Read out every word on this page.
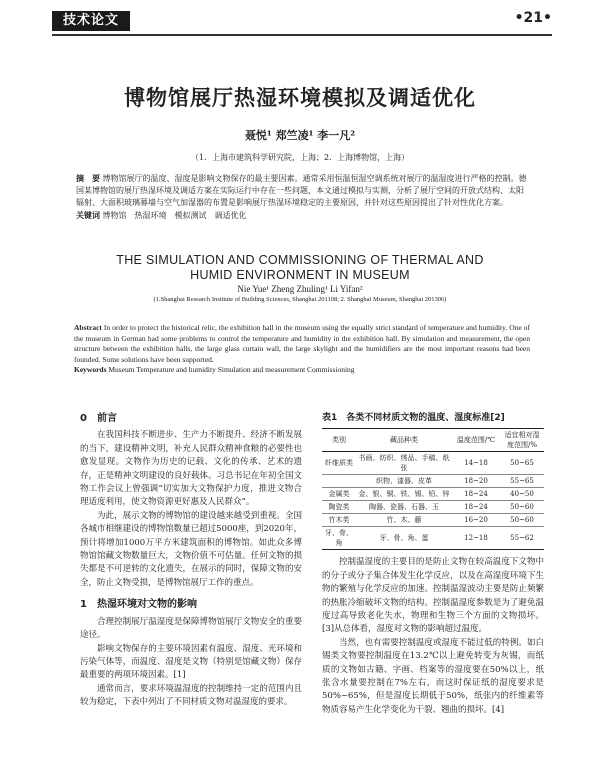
技术论文	•21•
博物馆展厅热湿环境模拟及调适优化
聂悦¹ 郑竺凌¹ 李一凡²
（1．上海市建筑科学研究院，上海；2．上海博物馆，上海）
摘　要 博物馆展厅的温度、湿度是影响文物保存的最主要因素。通常采用恒温恒湿空调系统对展厅的温湿度进行严格的控制。德国某博物馆的展厅热湿环境及调适方案在实际运行中存在一些问题，本文通过模拟与实测，分析了展厅空间的开放式结构、太阳辐射、大面积玻璃幕墙与空气加湿器的布置是影响展厅热湿环境稳定的主要原因，并针对这些原因提出了针对性优化方案。
关键词 博物馆　热湿环境　模拟测试　调适优化
THE SIMULATION AND COMMISSIONING OF THERMAL AND
HUMID ENVIRONMENT IN MUSEUM
Nie Yue¹ Zheng Zhuling¹ Li Yifan²
(1.Shanghai Research Institute of Building Sciences, Shanghai 201108; 2. Shanghai Museum, Shanghai 201306)
Abstract In order to protect the historical relic, the exhibition hall in the museum using the equally strict standard of temperature and humidity. One of the museum in German had some problems to control the temperature and humidity in the exhibition hall. By simulation and measurement, the open structure between the exhibition halls, the large glass curtain wall, the large skylight and the humidifiers are the most important reasons had been founded. Some solutions have been supported.
Keywords Museum Temperature and humidity Simulation and measurement Commissioning
0　前言

在我国科技不断进步、生产力不断提升、经济不断发展的当下，建设精神文明，补充人民群众精神食粮的必要性也愈发显现。文物作为历史的记载、文化的传承、艺术的遗存，正是精神文明建设的良好载体。习总书记在年初全国文物工作会议上曾强调“切实加大文物保护力度，推进文物合理适度利用，使文物资源更好惠及人民群众”。

为此，展示文物的博物馆的建设越来越受到重视。全国各城市相继建设的博物馆数量已超过5000座，到2020年，预计将增加1000万平方米建筑面积的博物馆。如此众多博物馆馆藏文物数量巨大，文物价值不可估量。任何文物的损失都是不可逆转的文化遗失，在展示的同时，保障文物的安全，防止文物受损，是博物馆展厅工作的重点。

1　热湿环境对文物的影响

合理控制展厅温湿度是保障博物馆展厅文物安全的重要途径。

影响文物保存的主要环境因素有温度、湿度、光环境和污染气体等，而温度、湿度是文物（特别是馆藏文物）保存最重要的两项环境因素。[1]

通常而言，要求环境温湿度的控制维持一定的范围内且较为稳定，下表中列出了不同材质文物对温湿度的要求。

表1　各类不同材质文物的温度、湿度标准[2]
类别	藏品种类	温度范围/℃	适宜相对湿度范围/%
纤维质类	书画、纺织、绣品、手稿、纸张	14~18	50~65
	织物、漆器、皮革	18~20	55~65
金属类	金、银、铜、铁、锡、铅、锌	18~24	40~50
陶瓷类	陶器、瓷器、石器、玉	18~24	50~60
竹木类	竹、木、藤	16~20	50~60
牙、骨、角	牙、骨、角、蛋	12~18	55~62

控制温湿度的主要目的是防止文物在较高温度下文物中的分子或分子集合体发生化学反应，以及在高湿度环境下生物的繁殖与化学反应的加速。控制温湿波动主要是防止频繁的热胀冷缩破坏文物的结构。控制温湿度参数是为了避免温度过高导致老化失水，物理和生物三个方面的文物损坏。[3]从总体看，湿度对文物的影响超过温度。

当然，也有需要控制温度或湿度不能过低的特例。如白锡类文物要控制温度在13.2℃以上避免转变为灰锡，而纸质的文物如古籍、字画、档案等的湿度要在50%以上，纸张含水量要控制在7%左右，而这时保证纸的湿度要求是50%~65%，但是湿度长期低于50%，纸张内的纤维素等物质容易产生化学变化为干裂、翘曲的损坏。[4]
